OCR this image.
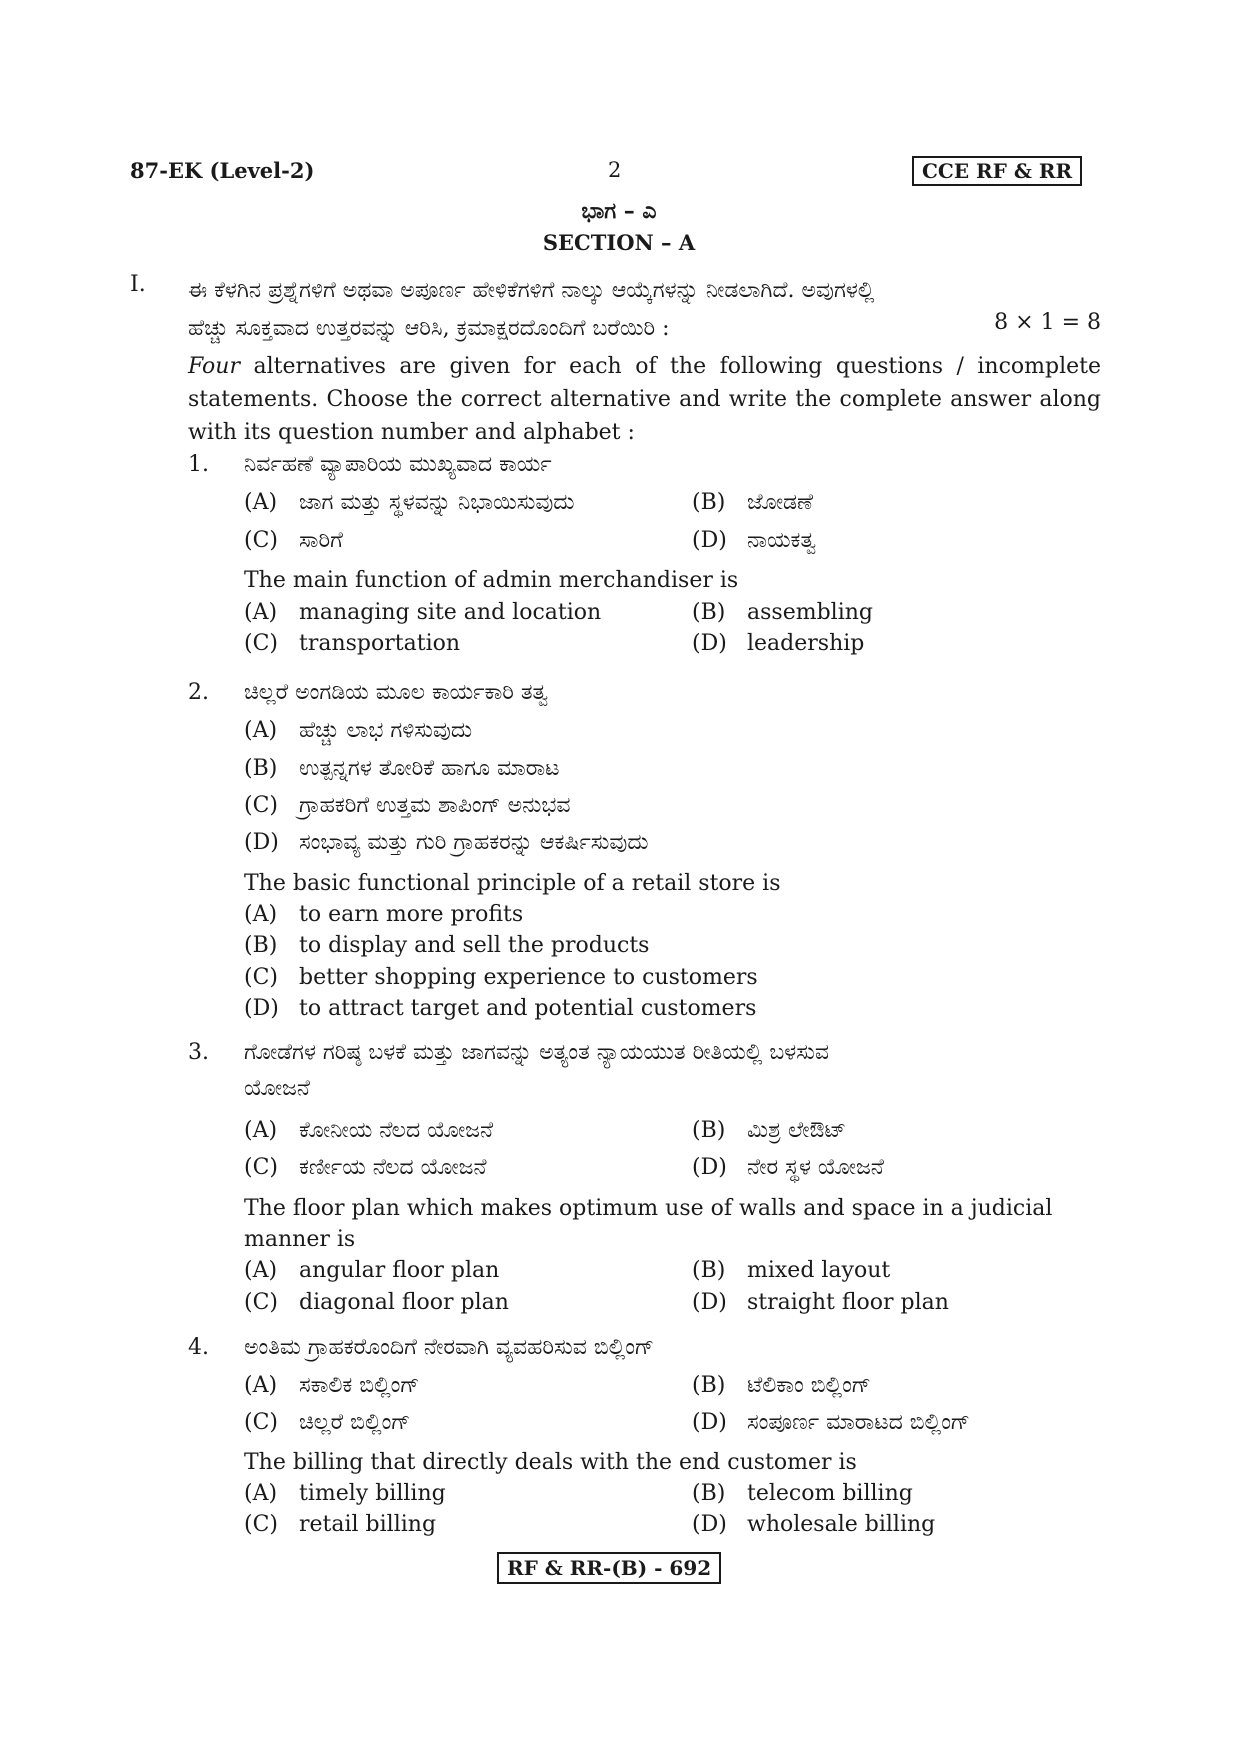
87-EK (Level-2)	2	CCE RF & RR
ಭಾಗ – ಎ
SECTION – A
I. ಈ ಕೆಳಗಿನ ಪ್ರಶ್ನೆಗಳಿಗೆ ಅಥವಾ ಅಪೂರ್ಣ ಹೇಳಿಕೆಗಳಿಗೆ ನಾಲ್ಕು ಆಯ್ಕೆಗಳನ್ನು ನೀಡಲಾಗಿದೆ. ಅವುಗಳಲ್ಲಿ

ಹೆಚ್ಚು ಸೂಕ್ತವಾದ ಉತ್ತರವನ್ನು ಆರಿಸಿ, ಕ್ರಮಾಕ್ಷರದೊಂದಿಗೆ ಬರೆಯಿರಿ :	8 × 1 = 8
Four alternatives are given for each of the following questions / incomplete statements. Choose the correct alternative and write the complete answer along with its question number and alphabet :
1. ನಿರ್ವಹಣೆ ವ್ಯಾಪಾರಿಯ ಮುಖ್ಯವಾದ ಕಾರ್ಯ
(A) ಜಾಗ ಮತ್ತು ಸ್ಥಳವನ್ನು ನಿಭಾಯಿಸುವುದು	(B) ಜೋಡಣೆ
(C) ಸಾರಿಗೆ	(D) ನಾಯಕತ್ವ
The main function of admin merchandiser is
(A) managing site and location	(B) assembling
(C) transportation	(D) leadership
2. ಚಿಲ್ಲರೆ ಅಂಗಡಿಯ ಮೂಲ ಕಾರ್ಯಕಾರಿ ತತ್ವ
(A) ಹೆಚ್ಚು ಲಾಭ ಗಳಿಸುವುದು
(B) ಉತ್ಪನ್ನಗಳ ತೋರಿಕೆ ಹಾಗೂ ಮಾರಾಟ
(C) ಗ್ರಾಹಕರಿಗೆ ಉತ್ತಮ ಶಾಪಿಂಗ್ ಅನುಭವ
(D) ಸಂಭಾವ್ಯ ಮತ್ತು ಗುರಿ ಗ್ರಾಹಕರನ್ನು ಆಕರ್ಷಿಸುವುದು
The basic functional principle of a retail store is
(A) to earn more profits
(B) to display and sell the products
(C) better shopping experience to customers
(D) to attract target and potential customers
3. ಗೋಡೆಗಳ ಗರಿಷ್ಠ ಬಳಕೆ ಮತ್ತು ಜಾಗವನ್ನು ಅತ್ಯಂತ ನ್ಯಾಯಯುತ ರೀತಿಯಲ್ಲಿ ಬಳಸುವ
ಯೋಜನೆ
(A) ಕೋನೀಯ ನೆಲದ ಯೋಜನೆ	(B) ಮಿಶ್ರ ಲೇಔಟ್
(C) ಕರ್ಣೀಯ ನೆಲದ ಯೋಜನೆ	(D) ನೇರ ಸ್ಥಳ ಯೋಜನೆ
The floor plan which makes optimum use of walls and space in a judicial
manner is
(A) angular floor plan	(B) mixed layout
(C) diagonal floor plan	(D) straight floor plan
4. ಅಂತಿಮ ಗ್ರಾಹಕರೊಂದಿಗೆ ನೇರವಾಗಿ ವ್ಯವಹರಿಸುವ ಬಿಲ್ಲಿಂಗ್
(A) ಸಕಾಲಿಕ ಬಿಲ್ಲಿಂಗ್	(B) ಟೆಲಿಕಾಂ ಬಿಲ್ಲಿಂಗ್
(C) ಚಿಲ್ಲರೆ ಬಿಲ್ಲಿಂಗ್	(D) ಸಂಪೂರ್ಣ ಮಾರಾಟದ ಬಿಲ್ಲಿಂಗ್
The billing that directly deals with the end customer is
(A) timely billing	(B) telecom billing
(C) retail billing	(D) wholesale billing
RF & RR-(B) - 692
